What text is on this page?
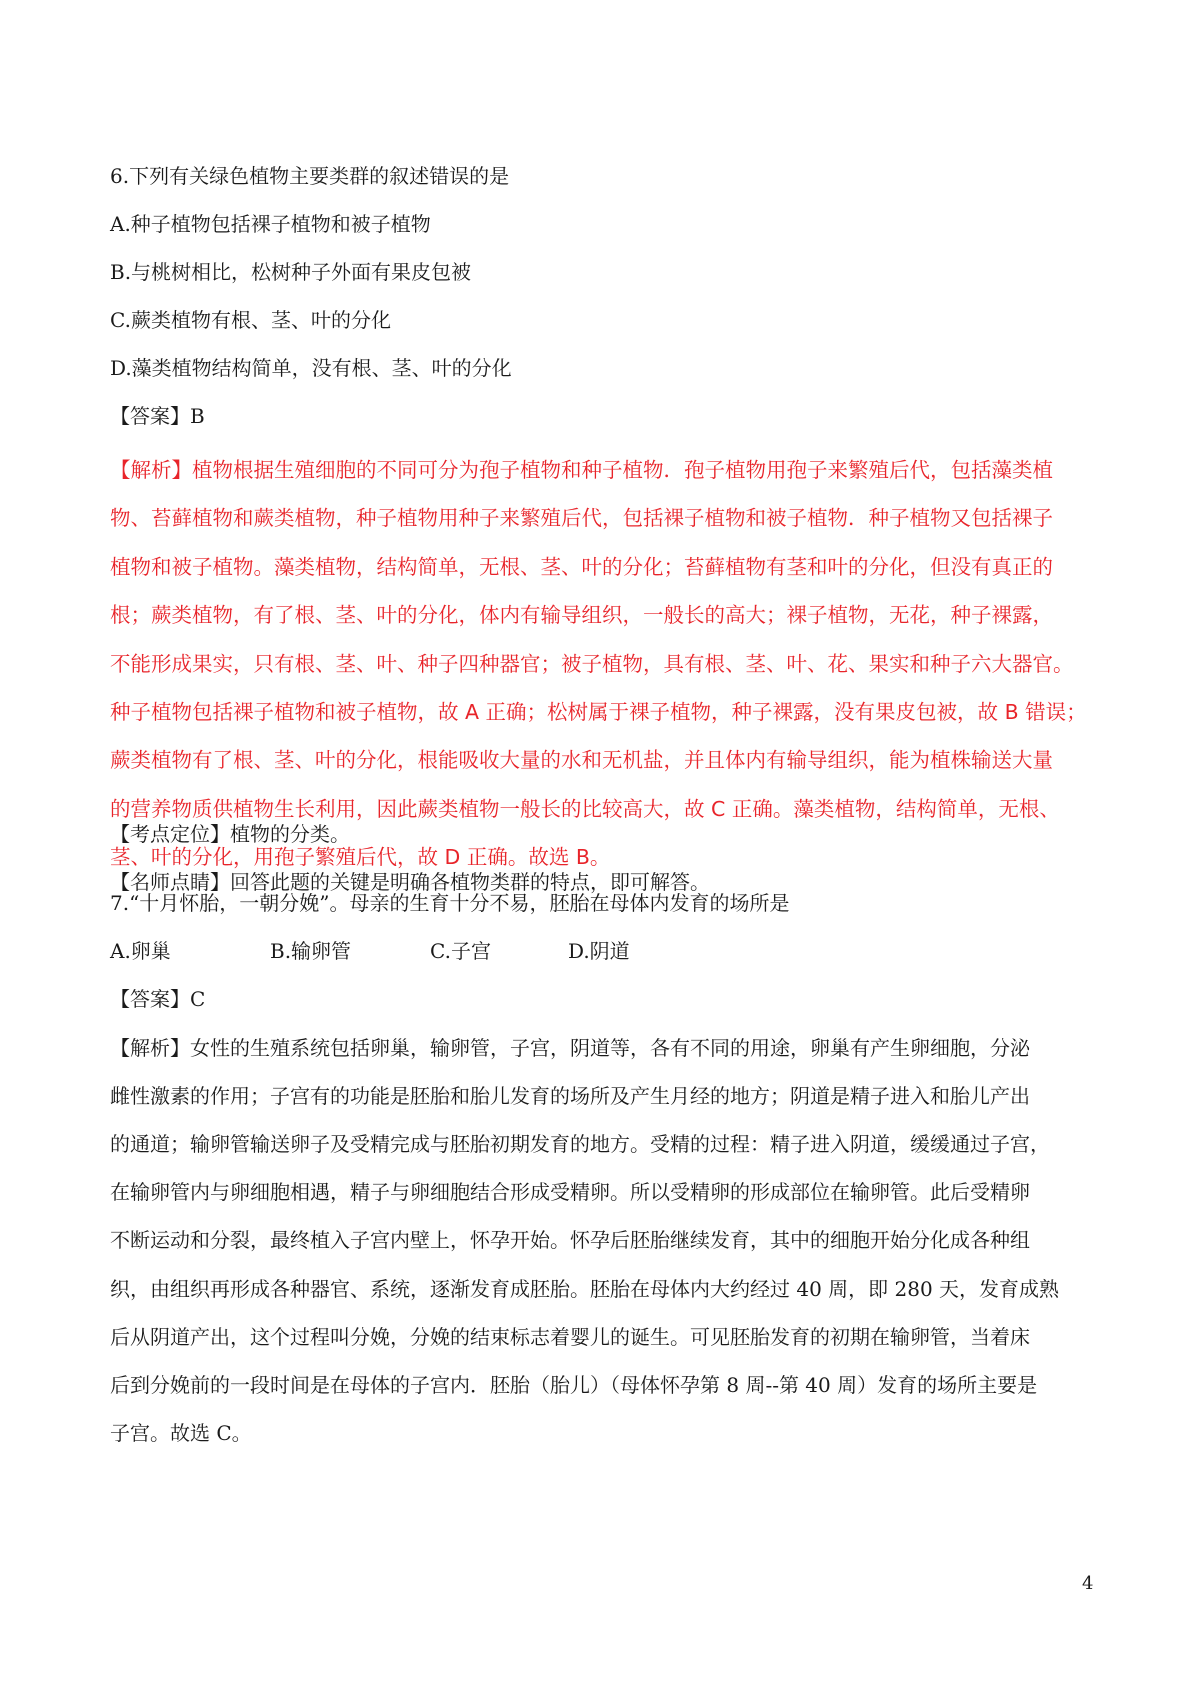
6.下列有关绿色植物主要类群的叙述错误的是
A.种子植物包括裸子植物和被子植物
B.与桃树相比，松树种子外面有果皮包被
C.蕨类植物有根、茎、叶的分化
D.藻类植物结构简单，没有根、茎、叶的分化
【答案】B
【解析】植物根据生殖细胞的不同可分为孢子植物和种子植物．孢子植物用孢子来繁殖后代，包括藻类植
物、苔藓植物和蕨类植物，种子植物用种子来繁殖后代，包括裸子植物和被子植物．种子植物又包括裸子
植物和被子植物。藻类植物，结构简单，无根、茎、叶的分化；苔藓植物有茎和叶的分化，但没有真正的
根；蕨类植物，有了根、茎、叶的分化，体内有输导组织，一般长的高大；裸子植物，无花，种子裸露，
不能形成果实，只有根、茎、叶、种子四种器官；被子植物，具有根、茎、叶、花、果实和种子六大器官。
种子植物包括裸子植物和被子植物，故 A 正确；松树属于裸子植物，种子裸露，没有果皮包被，故 B 错误；
蕨类植物有了根、茎、叶的分化，根能吸收大量的水和无机盐，并且体内有输导组织，能为植株输送大量
的营养物质供植物生长利用，因此蕨类植物一般长的比较高大，故 C 正确。藻类植物，结构简单，无根、
茎、叶的分化，用孢子繁殖后代，故 D 正确。故选 B。
【考点定位】植物的分类。
【名师点睛】回答此题的关键是明确各植物类群的特点，即可解答。
7.“十月怀胎，一朝分娩”。母亲的生育十分不易，胚胎在母体内发育的场所是
A.卵巢	B.输卵管	C.子宫	D.阴道
【答案】C
【解析】女性的生殖系统包括卵巢，输卵管，子宫，阴道等，各有不同的用途，卵巢有产生卵细胞，分泌
雌性激素的作用；子宫有的功能是胚胎和胎儿发育的场所及产生月经的地方；阴道是精子进入和胎儿产出
的通道；输卵管输送卵子及受精完成与胚胎初期发育的地方。受精的过程：精子进入阴道，缓缓通过子宫，
在输卵管内与卵细胞相遇，精子与卵细胞结合形成受精卵。所以受精卵的形成部位在输卵管。此后受精卵
不断运动和分裂，最终植入子宫内壁上，怀孕开始。怀孕后胚胎继续发育，其中的细胞开始分化成各种组
织，由组织再形成各种器官、系统，逐渐发育成胚胎。胚胎在母体内大约经过 40 周，即 280 天，发育成熟
后从阴道产出，这个过程叫分娩，分娩的结束标志着婴儿的诞生。可见胚胎发育的初期在输卵管，当着床
后到分娩前的一段时间是在母体的子宫内．胚胎（胎儿）（母体怀孕第 8 周--第 40 周）发育的场所主要是
子宫。故选 C。
4
